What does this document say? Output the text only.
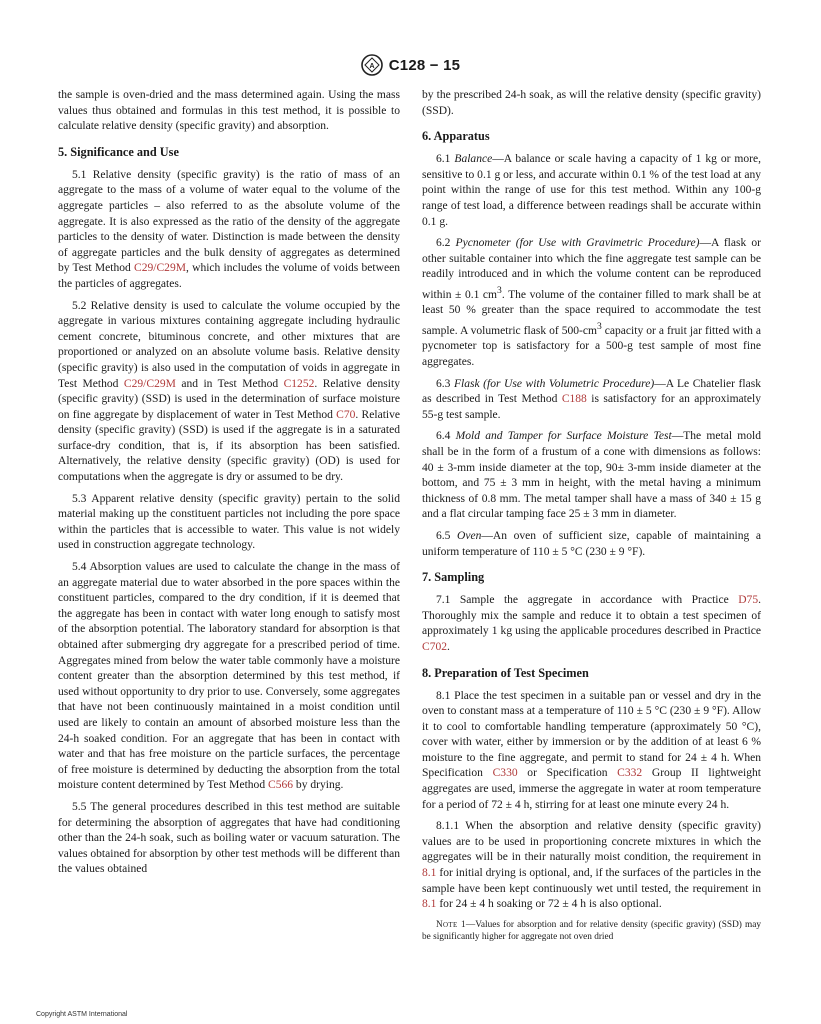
A C128 − 15

the sample is oven-dried and the mass determined again. Using the mass values thus obtained and formulas in this test method, it is possible to calculate relative density (specific gravity) and absorption.

5. Significance and Use

5.1 Relative density (specific gravity) is the ratio of mass of an aggregate to the mass of a volume of water equal to the volume of the aggregate particles – also referred to as the absolute volume of the aggregate. It is also expressed as the ratio of the density of the aggregate particles to the density of water. Distinction is made between the density of aggregate particles and the bulk density of aggregates as determined by Test Method C29/C29M, which includes the volume of voids between the particles of aggregates.

5.2 Relative density is used to calculate the volume occupied by the aggregate in various mixtures containing aggregate including hydraulic cement concrete, bituminous concrete, and other mixtures that are proportioned or analyzed on an absolute volume basis. Relative density (specific gravity) is also used in the computation of voids in aggregate in Test Method C29/C29M and in Test Method C1252. Relative density (specific gravity) (SSD) is used in the determination of surface moisture on fine aggregate by displacement of water in Test Method C70. Relative density (specific gravity) (SSD) is used if the aggregate is in a saturated surface-dry condition, that is, if its absorption has been satisfied. Alternatively, the relative density (specific gravity) (OD) is used for computations when the aggregate is dry or assumed to be dry.

5.3 Apparent relative density (specific gravity) pertain to the solid material making up the constituent particles not including the pore space within the particles that is accessible to water. This value is not widely used in construction aggregate technology.

5.4 Absorption values are used to calculate the change in the mass of an aggregate material due to water absorbed in the pore spaces within the constituent particles, compared to the dry condition, if it is deemed that the aggregate has been in contact with water long enough to satisfy most of the absorption potential. The laboratory standard for absorption is that obtained after submerging dry aggregate for a prescribed period of time. Aggregates mined from below the water table commonly have a moisture content greater than the absorption determined by this test method, if used without opportunity to dry prior to use. Conversely, some aggregates that have not been continuously maintained in a moist condition until used are likely to contain an amount of absorbed moisture less than the 24-h soaked condition. For an aggregate that has been in contact with water and that has free moisture on the particle surfaces, the percentage of free moisture is determined by deducting the absorption from the total moisture content determined by Test Method C566 by drying.

5.5 The general procedures described in this test method are suitable for determining the absorption of aggregates that have had conditioning other than the 24-h soak, such as boiling water or vacuum saturation. The values obtained for absorption by other test methods will be different than the values obtained

by the prescribed 24-h soak, as will the relative density (specific gravity) (SSD).

6. Apparatus

6.1 Balance—A balance or scale having a capacity of 1 kg or more, sensitive to 0.1 g or less, and accurate within 0.1 % of the test load at any point within the range of use for this test method. Within any 100-g range of test load, a difference between readings shall be accurate within 0.1 g.

6.2 Pycnometer (for Use with Gravimetric Procedure)—A flask or other suitable container into which the fine aggregate test sample can be readily introduced and in which the volume content can be reproduced within ± 0.1 $cm^3$. The volume of the container filled to mark shall be at least 50 % greater than the space required to accommodate the test sample. A volumetric flask of $500-cm^3$ capacity or a fruit jar fitted with a pycnometer top is satisfactory for a 500-g test sample of most fine aggregates.

6.3 Flask (for Use with Volumetric Procedure)—A Le Chatelier flask as described in Test Method C188 is satisfactory for an approximately 55-g test sample.

6.4 Mold and Tamper for Surface Moisture Test—The metal mold shall be in the form of a frustum of a cone with dimensions as follows: 40 ± 3-mm inside diameter at the top, 90± 3-mm inside diameter at the bottom, and 75 ± 3 mm in height, with the metal having a minimum thickness of 0.8 mm. The metal tamper shall have a mass of 340 ± 15 g and a flat circular tamping face 25 ± 3 mm in diameter.

6.5 Oven—An oven of sufficient size, capable of maintaining a uniform temperature of 110 ± 5 °C (230 ± 9 °F).

7. Sampling

7.1 Sample the aggregate in accordance with Practice D75. Thoroughly mix the sample and reduce it to obtain a test specimen of approximately 1 kg using the applicable procedures described in Practice C702.

8. Preparation of Test Specimen

8.1 Place the test specimen in a suitable pan or vessel and dry in the oven to constant mass at a temperature of 110 ± 5 °C (230 ± 9 °F). Allow it to cool to comfortable handling temperature (approximately 50 °C), cover with water, either by immersion or by the addition of at least 6 % moisture to the fine aggregate, and permit to stand for 24 ± 4 h. When Specification C330 or Specification C332 Group II lightweight aggregates are used, immerse the aggregate in water at room temperature for a period of 72 ± 4 h, stirring for at least one minute every 24 h.

8.1.1 When the absorption and relative density (specific gravity) values are to be used in proportioning concrete mixtures in which the aggregates will be in their naturally moist condition, the requirement in 8.1 for initial drying is optional, and, if the surfaces of the particles in the sample have been kept continuously wet until tested, the requirement in 8.1 for 24 ± 4 h soaking or 72 ± 4 h is also optional.

Note 1—Values for absorption and for relative density (specific gravity) (SSD) may be significantly higher for aggregate not oven dried

Copyright ASTM International
